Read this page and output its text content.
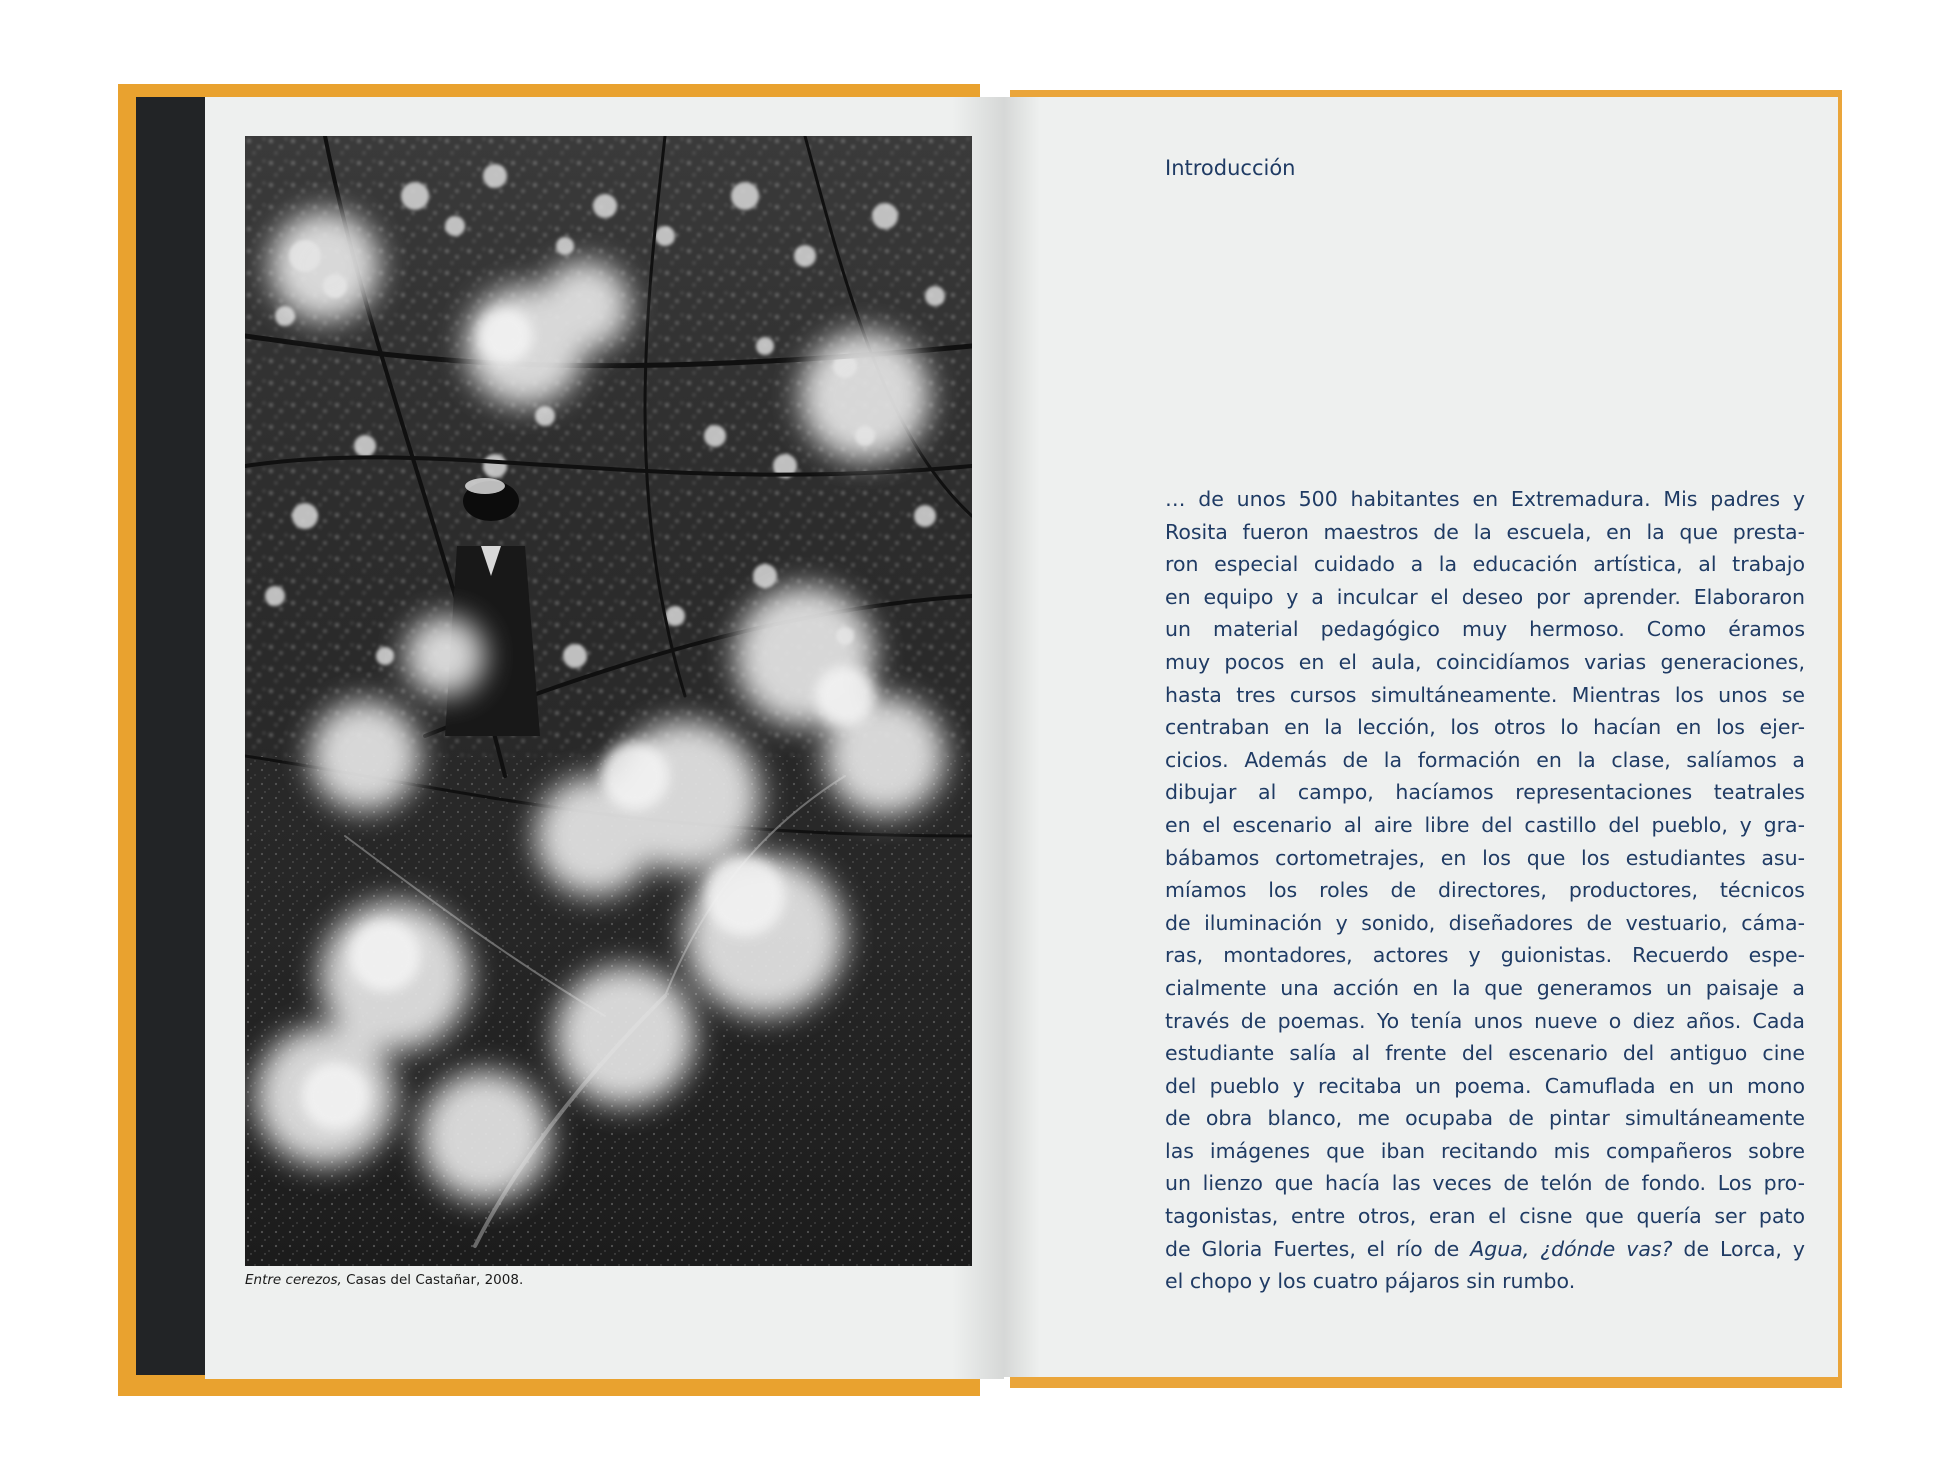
Entre cerezos, Casas del Castañar, 2008.
Introducción
… de unos 500 habitantes en Extremadura. Mis padres y
Rosita fueron maestros de la escuela, en la que presta-
ron especial cuidado a la educación artística, al trabajo
en equipo y a inculcar el deseo por aprender. Elaboraron
un material pedagógico muy hermoso. Como éramos
muy pocos en el aula, coincidíamos varias generaciones,
hasta tres cursos simultáneamente. Mientras los unos se
centraban en la lección, los otros lo hacían en los ejer-
cicios. Además de la formación en la clase, salíamos a
dibujar al campo, hacíamos representaciones teatrales
en el escenario al aire libre del castillo del pueblo, y gra-
bábamos cortometrajes, en los que los estudiantes asu-
míamos los roles de directores, productores, técnicos
de iluminación y sonido, diseñadores de vestuario, cáma-
ras, montadores, actores y guionistas. Recuerdo espe-
cialmente una acción en la que generamos un paisaje a
través de poemas. Yo tenía unos nueve o diez años. Cada
estudiante salía al frente del escenario del antiguo cine
del pueblo y recitaba un poema. Camuflada en un mono
de obra blanco, me ocupaba de pintar simultáneamente
las imágenes que iban recitando mis compañeros sobre
un lienzo que hacía las veces de telón de fondo. Los pro-
tagonistas, entre otros, eran el cisne que quería ser pato
de Gloria Fuertes, el río de Agua, ¿dónde vas? de Lorca, y
el chopo y los cuatro pájaros sin rumbo.
